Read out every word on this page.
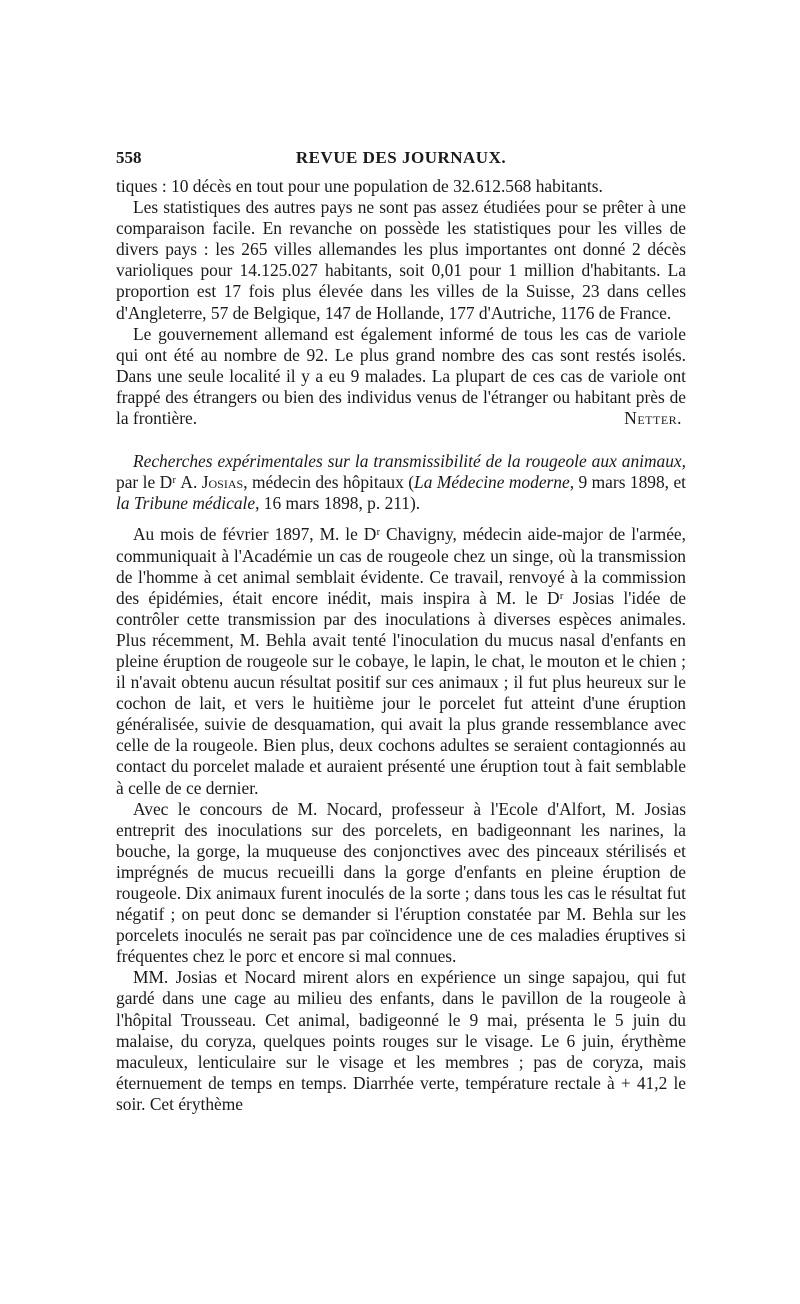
558	REVUE DES JOURNAUX.

tiques : 10 décès en tout pour une population de 32.612.568 habitants.

Les statistiques des autres pays ne sont pas assez étudiées pour se prêter à une comparaison facile. En revanche on possède les statistiques pour les villes de divers pays : les 265 villes allemandes les plus importantes ont donné 2 décès varioliques pour 14.125.027 habitants, soit 0,01 pour 1 million d'habitants. La proportion est 17 fois plus élevée dans les villes de la Suisse, 23 dans celles d'Angleterre, 57 de Belgique, 147 de Hollande, 177 d'Autriche, 1176 de France.

Le gouvernement allemand est également informé de tous les cas de variole qui ont été au nombre de 92. Le plus grand nombre des cas sont restés isolés. Dans une seule localité il y a eu 9 malades. La plupart de ces cas de variole ont frappé des étrangers ou bien des individus venus de l'étranger ou habitant près de la frontière.	Netter.

Recherches expérimentales sur la transmissibilité de la rougeole aux animaux, par le Dʳ A. Josias, médecin des hôpitaux (La Médecine moderne, 9 mars 1898, et la Tribune médicale, 16 mars 1898, p. 211).

Au mois de février 1897, M. le Dʳ Chavigny, médecin aide-major de l'armée, communiquait à l'Académie un cas de rougeole chez un singe, où la transmission de l'homme à cet animal semblait évidente. Ce travail, renvoyé à la commission des épidémies, était encore inédit, mais inspira à M. le Dʳ Josias l'idée de contrôler cette transmission par des inoculations à diverses espèces animales. Plus récemment, M. Behla avait tenté l'inoculation du mucus nasal d'enfants en pleine éruption de rougeole sur le cobaye, le lapin, le chat, le mouton et le chien ; il n'avait obtenu aucun résultat positif sur ces animaux ; il fut plus heureux sur le cochon de lait, et vers le huitième jour le porcelet fut atteint d'une éruption généralisée, suivie de desquamation, qui avait la plus grande ressemblance avec celle de la rougeole. Bien plus, deux cochons adultes se seraient contagionnés au contact du porcelet malade et auraient présenté une éruption tout à fait semblable à celle de ce dernier.

Avec le concours de M. Nocard, professeur à l'Ecole d'Alfort, M. Josias entreprit des inoculations sur des porcelets, en badigeonnant les narines, la bouche, la gorge, la muqueuse des conjonctives avec des pinceaux stérilisés et imprégnés de mucus recueilli dans la gorge d'enfants en pleine éruption de rougeole. Dix animaux furent inoculés de la sorte ; dans tous les cas le résultat fut négatif ; on peut donc se demander si l'éruption constatée par M. Behla sur les porcelets inoculés ne serait pas par coïncidence une de ces maladies éruptives si fréquentes chez le porc et encore si mal connues.

MM. Josias et Nocard mirent alors en expérience un singe sapajou, qui fut gardé dans une cage au milieu des enfants, dans le pavillon de la rougeole à l'hôpital Trousseau. Cet animal, badigeonné le 9 mai, présenta le 5 juin du malaise, du coryza, quelques points rouges sur le visage. Le 6 juin, érythème maculeux, lenticulaire sur le visage et les membres ; pas de coryza, mais éternuement de temps en temps. Diarrhée verte, température rectale à + 41,2 le soir. Cet érythème
